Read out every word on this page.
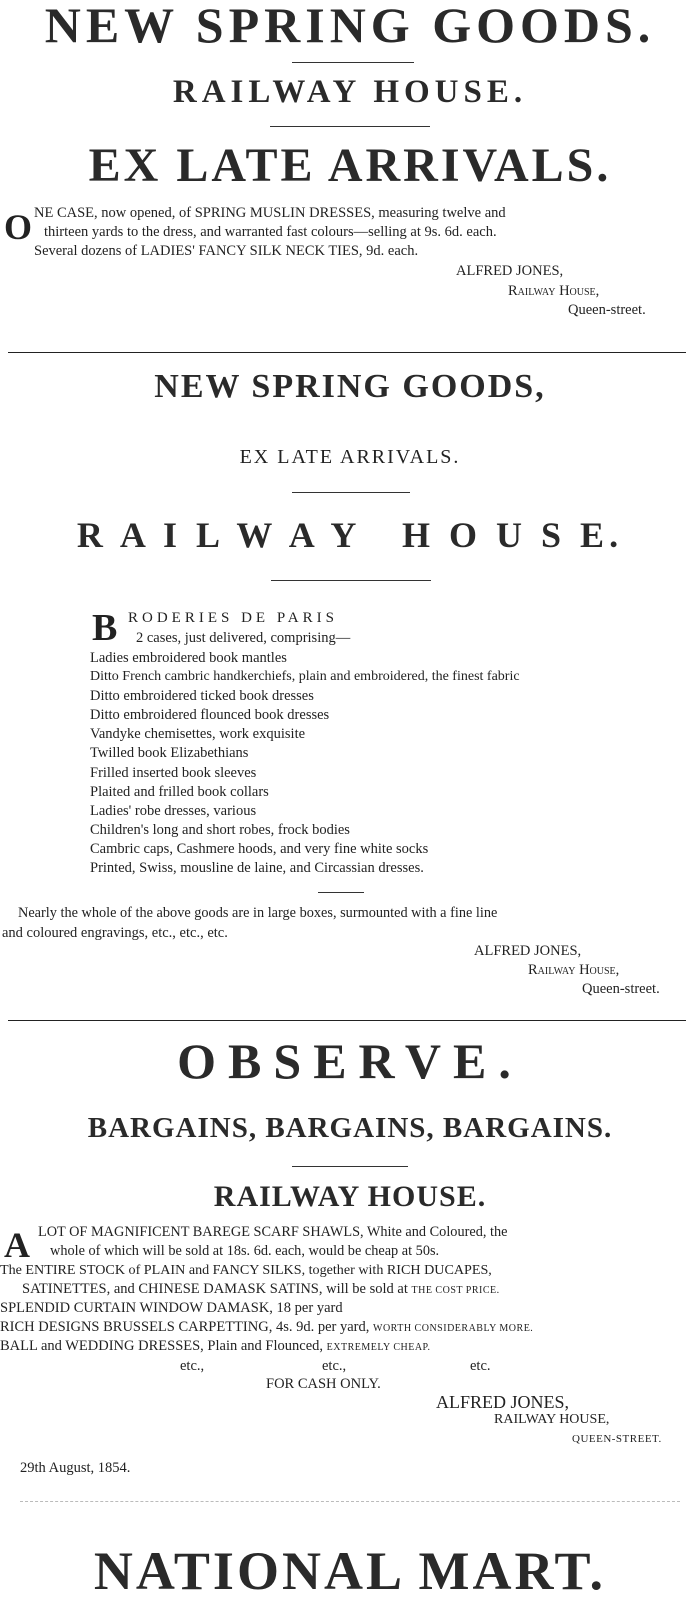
NEW SPRING GOODS.
RAILWAY HOUSE.
EX LATE ARRIVALS.
O NE CASE, now opened, of SPRING MUSLIN DRESSES, measuring twelve and
thirteen yards to the dress, and warranted fast colours—selling at 9s. 6d. each.
Several dozens of LADIES' FANCY SILK NECK TIES, 9d. each.
ALFRED JONES,
Railway House,
Queen-street.
NEW SPRING GOODS,
EX LATE ARRIVALS.
R A I L W A Y   H O U S E.
B RODERIES DE PARIS
2 cases, just delivered, comprising—
Ladies embroidered book mantles
Ditto French cambric handkerchiefs, plain and embroidered, the finest fabric
Ditto embroidered ticked book dresses
Ditto embroidered flounced book dresses
Vandyke chemisettes, work exquisite
Twilled book Elizabethians
Frilled inserted book sleeves
Plaited and frilled book collars
Ladies' robe dresses, various
Children's long and short robes, frock bodies
Cambric caps, Cashmere hoods, and very fine white socks
Printed, Swiss, mousline de laine, and Circassian dresses.
Nearly the whole of the above goods are in large boxes, surmounted with a fine line
and coloured engravings, etc., etc., etc.
ALFRED JONES,
Railway House,
Queen-street.
OBSERVE.
BARGAINS, BARGAINS, BARGAINS.
RAILWAY HOUSE.
A LOT OF MAGNIFICENT BAREGE SCARF SHAWLS, White and Coloured, the
whole of which will be sold at 18s. 6d. each, would be cheap at 50s.
The ENTIRE STOCK of PLAIN and FANCY SILKS, together with RICH DUCAPES,
SATINETTES, and CHINESE DAMASK SATINS, will be sold at THE COST PRICE.
SPLENDID CURTAIN WINDOW DAMASK, 18 per yard
RICH DESIGNS BRUSSELS CARPETTING, 4s. 9d. per yard, WORTH CONSIDERABLY MORE.
BALL and WEDDING DRESSES, Plain and Flounced, EXTREMELY CHEAP.
etc.,	etc.,	etc.
FOR CASH ONLY.
ALFRED JONES,
RAILWAY HOUSE,
QUEEN-STREET.
29th August, 1854.
NATIONAL MART.
